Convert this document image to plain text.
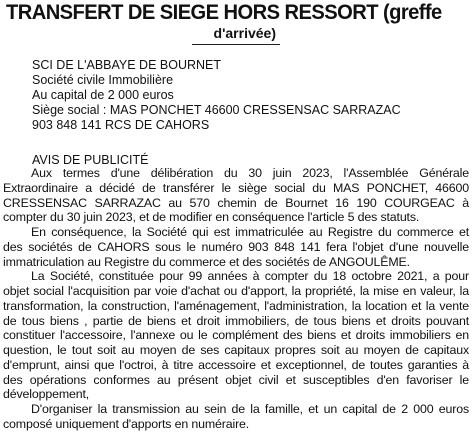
TRANSFERT DE SIEGE HORS RESSORT (greffe
d'arrivée)
SCI DE L'ABBAYE DE BOURNET
Société civile Immobilière
Au capital de 2 000 euros
Siège social : MAS PONCHET 46600 CRESSENSAC SARRAZAC
903 848 141 RCS DE CAHORS
AVIS DE PUBLICITÉ

Aux termes d'une délibération du 30 juin 2023, l'Assemblée Générale Extraordinaire a décidé de transférer le siège social du MAS PONCHET, 46600 CRESSENSAC SARRAZAC au 570 chemin de Bournet 16 190 COURGEAC à compter du 30 juin 2023, et de modifier en conséquence l'article 5 des statuts.

En conséquence, la Société qui est immatriculée au Registre du commerce et des sociétés de CAHORS sous le numéro 903 848 141 fera l'objet d'une nouvelle immatriculation au Registre du commerce et des sociétés de ANGOULÊME.

La Société, constituée pour 99 années à compter du 18 octobre 2021, a pour objet social l'acquisition par voie d'achat ou d'apport, la propriété, la mise en valeur, la transformation, la construction, l'aménagement, l'administration, la location et la vente de tous biens , partie de biens et droit immobiliers, de tous biens et droits pouvant constituer l'accessoire, l'annexe ou le complément des biens et droits immobiliers en question, le tout soit au moyen de ses capitaux propres soit au moyen de capitaux d'emprunt, ainsi que l'octroi, à titre accessoire et exceptionnel, de toutes garanties à des opérations conformes au présent objet civil et susceptibles d'en favoriser le développement,

D'organiser la transmission au sein de la famille, et un capital de 2 000 euros composé uniquement d'apports en numéraire.
